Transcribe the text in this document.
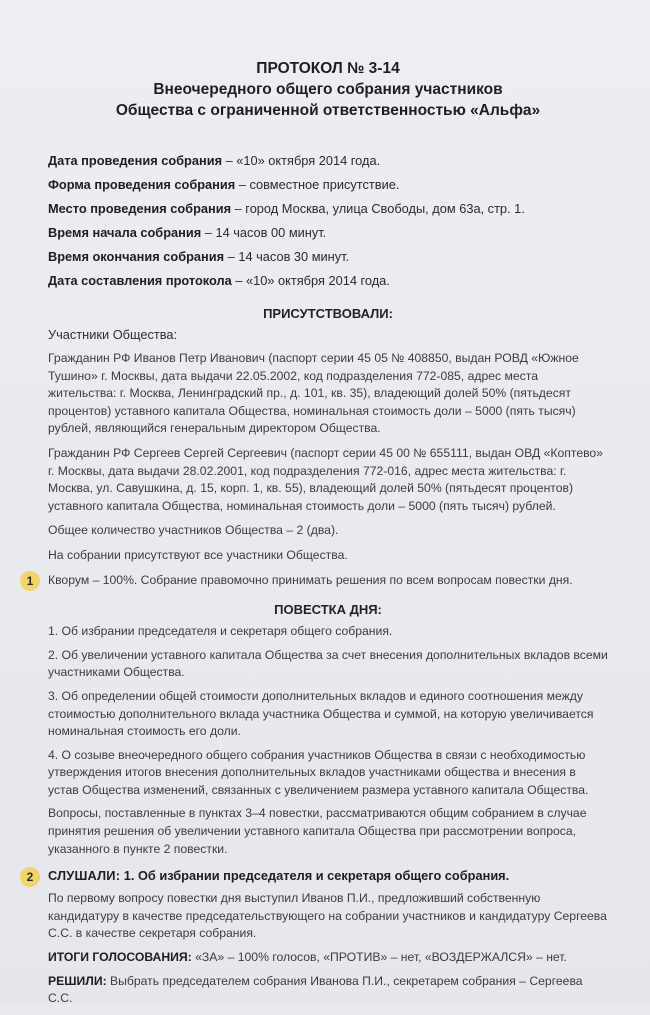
ПРОТОКОЛ № 3-14
Внеочередного общего собрания участников
Общества с ограниченной ответственностью «Альфа»
Дата проведения собрания – «10» октября 2014 года.
Форма проведения собрания – совместное присутствие.
Место проведения собрания – город Москва, улица Свободы, дом 63а, стр. 1.
Время начала собрания – 14 часов 00 минут.
Время окончания собрания – 14 часов 30 минут.
Дата составления протокола – «10» октября 2014 года.
ПРИСУТСТВОВАЛИ:
Участники Общества:

Гражданин РФ Иванов Петр Иванович (паспорт серии 45 05 № 408850, выдан РОВД «Южное Тушино» г. Москвы, дата выдачи 22.05.2002, код подразделения 772-085, адрес места жительства: г. Москва, Ленинградский пр., д. 101, кв. 35), владеющий долей 50% (пятьдесят процентов) уставного капитала Общества, номинальная стоимость доли – 5000 (пять тысяч) рублей, являющийся генеральным директором Общества.

Гражданин РФ Сергеев Сергей Сергеевич (паспорт серии 45 00 № 655111, выдан ОВД «Коптево» г. Москвы, дата выдачи 28.02.2001, код подразделения 772-016, адрес места жительства: г. Москва, ул. Савушкина, д. 15, корп. 1, кв. 55), владеющий долей 50% (пятьдесят процентов) уставного капитала Общества, номинальная стоимость доли – 5000 (пять тысяч) рублей.

Общее количество участников Общества – 2 (два).

На собрании присутствуют все участники Общества.

1	Кворум – 100%. Собрание правомочно принимать решения по всем вопросам повестки дня.

ПОВЕСТКА ДНЯ:

1. Об избрании председателя и секретаря общего собрания.

2. Об увеличении уставного капитала Общества за счет внесения дополнительных вкладов всеми участниками Общества.

3. Об определении общей стоимости дополнительных вкладов и единого соотношения между стоимостью дополнительного вклада участника Общества и суммой, на которую увеличивается номинальная стоимость его доли.

4. О созыве внеочередного общего собрания участников Общества в связи с необходимостью утверждения итогов внесения дополнительных вкладов участниками общества и внесения в устав Общества изменений, связанных с увеличением размера уставного капитала Общества.

Вопросы, поставленные в пунктах 3–4 повестки, рассматриваются общим собранием в случае принятия решения об увеличении уставного капитала Общества при рассмотрении вопроса, указанного в пункте 2 повестки.

2	СЛУШАЛИ: 1. Об избрании председателя и секретаря общего собрания.

По первому вопросу повестки дня выступил Иванов П.И., предложивший собственную кандидатуру в качестве председательствующего на собрании участников и кандидатуру Сергеева С.С. в качестве секретаря собрания.

ИТОГИ ГОЛОСОВАНИЯ: «ЗА» – 100% голосов, «ПРОТИВ» – нет, «ВОЗДЕРЖАЛСЯ» – нет.

РЕШИЛИ: Выбрать председателем собрания Иванова П.И., секретарем собрания – Сергеева С.С.
